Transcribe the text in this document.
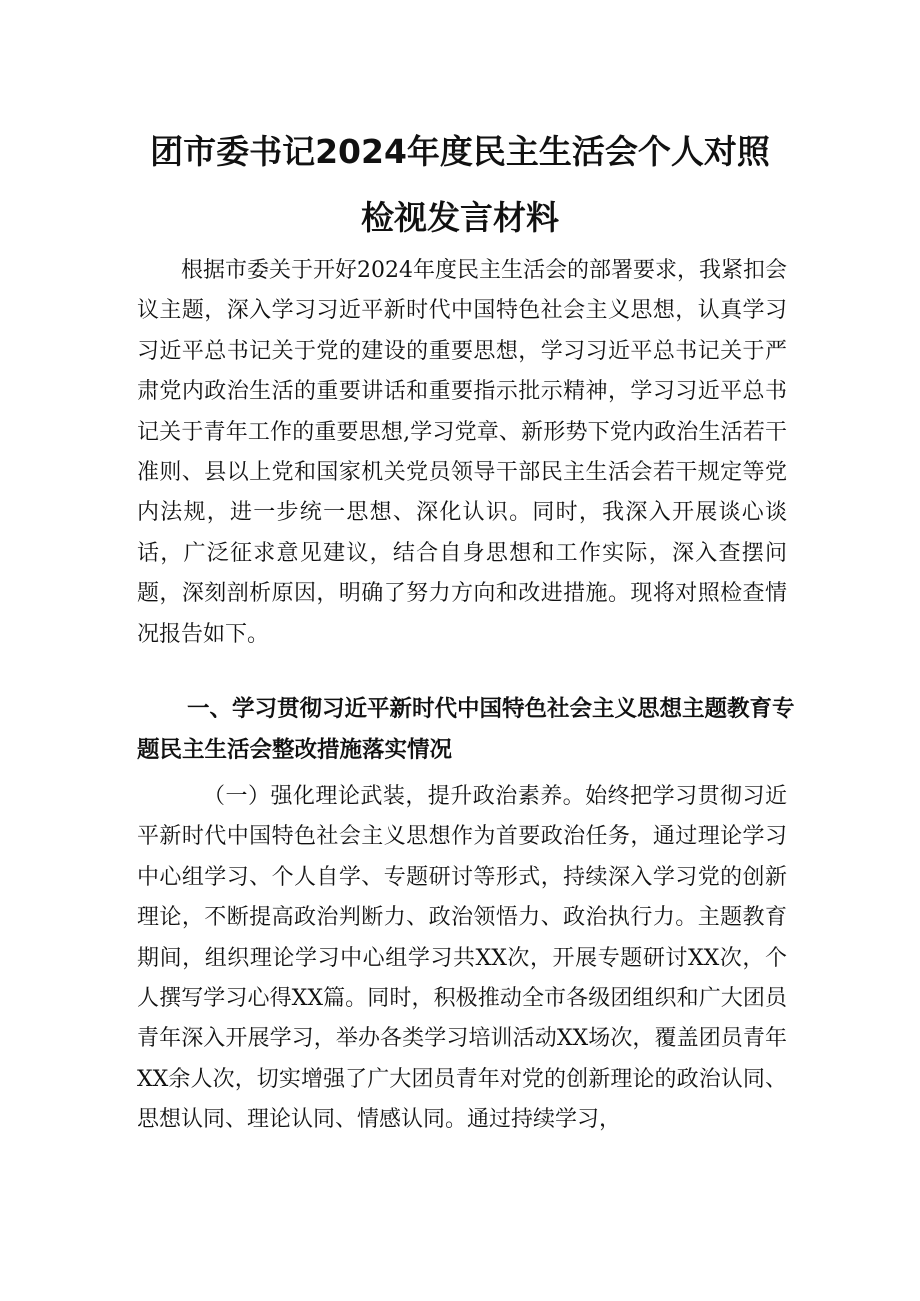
团市委书记2024年度民主生活会个人对照
检视发言材料

根据市委关于开好2024年度民主生活会的部署要求，我紧扣会议主题，深入学习习近平新时代中国特色社会主义思想，认真学习习近平总书记关于党的建设的重要思想，学习习近平总书记关于严肃党内政治生活的重要讲话和重要指示批示精神，学习习近平总书记关于青年工作的重要思想,学习党章、新形势下党内政治生活若干准则、县以上党和国家机关党员领导干部民主生活会若干规定等党内法规，进一步统一思想、深化认识。同时，我深入开展谈心谈话，广泛征求意见建议，结合自身思想和工作实际，深入查摆问题，深刻剖析原因，明确了努力方向和改进措施。现将对照检查情况报告如下。

一、学习贯彻习近平新时代中国特色社会主义思想主题教育专题民主生活会整改措施落实情况

（一）强化理论武装，提升政治素养。始终把学习贯彻习近平新时代中国特色社会主义思想作为首要政治任务，通过理论学习中心组学习、个人自学、专题研讨等形式，持续深入学习党的创新理论，不断提高政治判断力、政治领悟力、政治执行力。主题教育期间，组织理论学习中心组学习共XX次，开展专题研讨XX次，个人撰写学习心得XX篇。同时，积极推动全市各级团组织和广大团员青年深入开展学习，举办各类学习培训活动XX场次，覆盖团员青年XX余人次，切实增强了广大团员青年对党的创新理论的政治认同、思想认同、理论认同、情感认同。通过持续学习，
